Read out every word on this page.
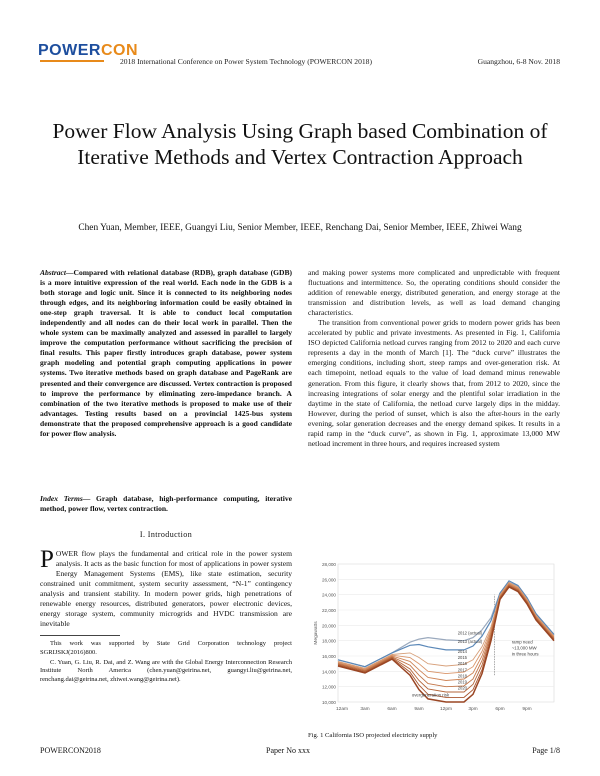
POWERCON
2018 International Conference on Power System Technology (POWERCON 2018)	Guangzhou, 6-8 Nov. 2018
Power Flow Analysis Using Graph based Combination of Iterative Methods and Vertex Contraction Approach
Chen Yuan, Member, IEEE, Guangyi Liu, Senior Member, IEEE, Renchang Dai, Senior Member, IEEE, Zhiwei Wang
Abstract—Compared with relational database (RDB), graph database (GDB) is a more intuitive expression of the real world. Each node in the GDB is a both storage and logic unit. Since it is connected to its neighboring nodes through edges, and its neighboring information could be easily obtained in one-step graph traversal. It is able to conduct local computation independently and all nodes can do their local work in parallel. Then the whole system can be maximally analyzed and assessed in parallel to largely improve the computation performance without sacrificing the precision of final results. This paper firstly introduces graph database, power system graph modeling and potential graph computing applications in power systems. Two iterative methods based on graph database and PageRank are presented and their convergence are discussed. Vertex contraction is proposed to improve the performance by eliminating zero-impedance branch. A combination of the two iterative methods is proposed to make use of their advantages. Testing results based on a provincial 1425-bus system demonstrate that the proposed comprehensive approach is a good candidate for power flow analysis.
Index Terms— Graph database, high-performance computing, iterative method, power flow, vertex contraction.
I. Introduction
POWER flow plays the fundamental and critical role in the power system analysis. It acts as the basic function for most of applications in power system Energy Management Systems (EMS), like state estimation, security constrained unit commitment, system security assessment, “N-1” contingency analysis and transient stability. In modern power grids, high penetrations of renewable energy resources, distributed generators, power electronic devices, energy storage system, community microgrids and HVDC transmission are inevitable

This work was supported by State Grid Corporation technology project SGRIJSKJ(2016)800.

C. Yuan, G. Liu, R. Dai, and Z. Wang are with the Global Energy Interconnection Research Institute North America (chen.yuan@geirina.net, guangyi.liu@geirina.net, renchang.dai@geirina.net, zhiwei.wang@geirina.net).

and making power systems more complicated and unpredictable with frequent fluctuations and intermittence. So, the operating conditions should consider the addition of renewable energy, distributed generation, and energy storage at the transmission and distribution levels, as well as load demand changing characteristics.

The transition from conventional power grids to modern power grids has been accelerated by public and private investments. As presented in Fig. 1, California ISO depicted California netload curves ranging from 2012 to 2020 and each curve represents a day in the month of March [1]. The “duck curve” illustrates the emerging conditions, including short, steep ramps and over-generation risk. At each timepoint, netload equals to the value of load demand minus renewable generation. From this figure, it clearly shows that, from 2012 to 2020, since the increasing integrations of solar energy and the plentiful solar irradiation in the daytime in the state of California, the netload curve largely dips in the midday. However, during the period of sunset, which is also the after-hours in the early evening, solar generation decreases and the energy demand spikes. It results in a rapid ramp in the “duck curve”, as shown in Fig. 1, approximate 13,000 MW netload increment in three hours, and requires increased system

10,000
12,000
14,000
16,000
18,000
20,000
22,000
24,000
26,000
28,000
12am	3am	6am	9am	12pm	3pm	6pm	9pm
Megawatts	2012 (actual)
2013 (actual)
2014
2015
2016
2017
2018
2019
2020
ramp need
~13,000 MW
in three hours
overgeneration risk
Fig. 1 California ISO projected electricity supply
POWERCON2018	Paper No xxx	Page 1/8
